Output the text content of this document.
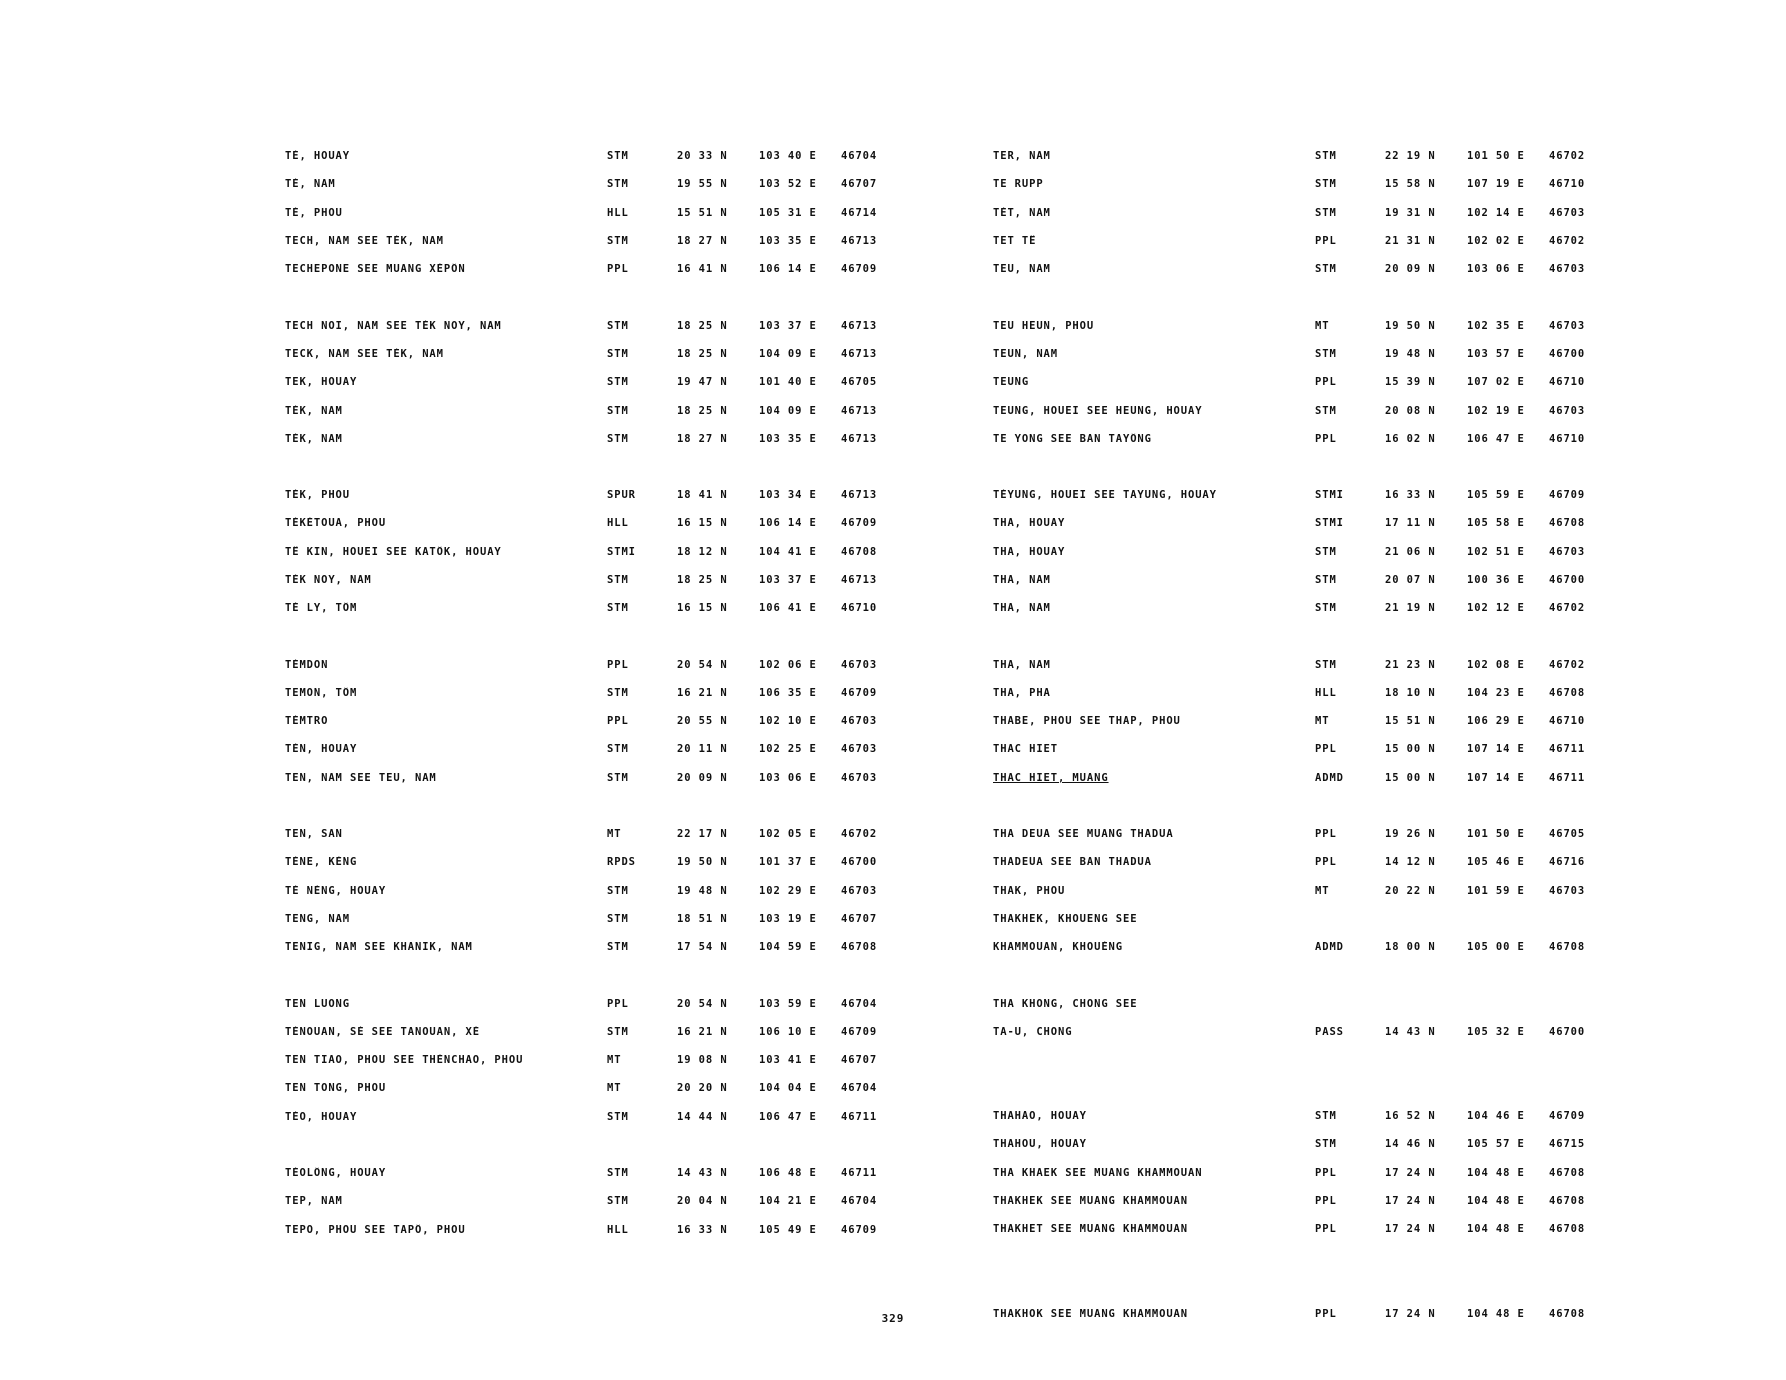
TÈ, HOUAY	STM	20 33 N	103 40 E	46704
TÉ, NAM	STM	19 55 N	103 52 E	46707
TÉ, PHOU	HLL	15 51 N	105 31 E	46714
TECH, NAM SEE TÉK, NAM	STM	18 27 N	103 35 E	46713
TECHEPONE SEE MUANG XÉPÔN	PPL	16 41 N	106 14 E	46709
TECH NOI, NAM SEE TÉK NOY, NAM	STM	18 25 N	103 37 E	46713
TECK, NAM SEE TÉK, NAM	STM	18 25 N	104 09 E	46713
TEK, HOUAY	STM	19 47 N	101 40 E	46705
TÉK, NAM	STM	18 25 N	104 09 E	46713
TÉK, NAM	STM	18 27 N	103 35 E	46713
TÉK, PHOU	SPUR	18 41 N	103 34 E	46713
TÉKÉTOUA, PHOU	HLL	16 15 N	106 14 E	46709
TÊ KIN, HOUEI SEE KATÔK, HOUAY	STMI	18 12 N	104 41 E	46708
TÉK NOY, NAM	STM	18 25 N	103 37 E	46713
TÉ LY, TÔM	STM	16 15 N	106 41 E	46710
TÉMDON	PPL	20 54 N	102 06 E	46703
TEMON, TÔM	STM	16 21 N	106 35 E	46709
TÉMTRO	PPL	20 55 N	102 10 E	46703
TÈN, HOUAY	STM	20 11 N	102 25 E	46703
TEN, NAM SEE TEU, NAM	STM	20 09 N	103 06 E	46703
TEN, SAN	MT	22 17 N	102 05 E	46702
TÈNE, KÈNG	RPDS	19 50 N	101 37 E	46700
TÈ NÈNG, HOUAY	STM	19 48 N	102 29 E	46703
TENG, NAM	STM	18 51 N	103 19 E	46707
TENIG, NAM SEE KHANIK, NAM	STM	17 54 N	104 59 E	46708
TEN LUONG	PPL	20 54 N	103 59 E	46704
TÉNOUAN, SÉ SEE TANOUAN, XÉ	STM	16 21 N	106 10 E	46709
TEN TIAO, PHOU SEE THÈNCHAO, PHOU	MT	19 08 N	103 41 E	46707
TEN TONG, PHOU	MT	20 20 N	104 04 E	46704
TÉO, HOUAY	STM	14 44 N	106 47 E	46711
TÉOLÔNG, HOUAY	STM	14 43 N	106 48 E	46711
TEP, NAM	STM	20 04 N	104 21 E	46704
TEPO, PHOU SEE TAPÔ, PHOU	HLL	16 33 N	105 49 E	46709
TER, NAM	STM	22 19 N	101 50 E	46702
TE RUPP	STM	15 58 N	107 19 E	46710
TÈT, NAM	STM	19 31 N	102 14 E	46703
TET TÊ	PPL	21 31 N	102 02 E	46702
TEU, NAM	STM	20 09 N	103 06 E	46703
TEU HEUN, PHOU	MT	19 50 N	102 35 E	46703
TEUN, NAM	STM	19 48 N	103 57 E	46700
TEUNG	PPL	15 39 N	107 02 E	46710
TEUNG, HOUEI SEE HEUNG, HOUAY	STM	20 08 N	102 19 E	46703
TE YONG SEE BAN TAYÔNG	PPL	16 02 N	106 47 E	46710
TÉYUNG, HOUEI SEE TAYUNG, HOUAY	STMI	16 33 N	105 59 E	46709
THA, HOUAY	STMI	17 11 N	105 58 E	46708
THA, HOUAY	STM	21 06 N	102 51 E	46703
THA, NAM	STM	20 07 N	100 36 E	46700
THA, NAM	STM	21 19 N	102 12 E	46702
THA, NAM	STM	21 23 N	102 08 E	46702
THA, PHA	HLL	18 10 N	104 23 E	46708
THABE, PHOU SEE THAP, PHOU	MT	15 51 N	106 29 E	46710
THAC HIET	PPL	15 00 N	107 14 E	46711
THAC HIET, MUANG	ADMD	15 00 N	107 14 E	46711
THA DEUA SEE MUANG THADUA	PPL	19 26 N	101 50 E	46705
THADEUA SEE BAN THADUA	PPL	14 12 N	105 46 E	46716
THAK, PHOU	MT	20 22 N	101 59 E	46703
THAKHEK, KHOUENG SEE
KHAMMOUAN, KHOUÈNG	ADMD	18 00 N	105 00 E	46708
THA KHONG, CHONG SEE
TA-U, CHONG	PASS	14 43 N	105 32 E	46700
THAHAO, HOUAY	STM	16 52 N	104 46 E	46709
THAHOU, HOUAY	STM	14 46 N	105 57 E	46715
THA KHAEK SEE MUANG KHAMMOUAN	PPL	17 24 N	104 48 E	46708
THAKHEK SEE MUANG KHAMMOUAN	PPL	17 24 N	104 48 E	46708
THAKHET SEE MUANG KHAMMOUAN	PPL	17 24 N	104 48 E	46708
THAKHOK SEE MUANG KHAMMOUAN	PPL	17 24 N	104 48 E	46708
329
